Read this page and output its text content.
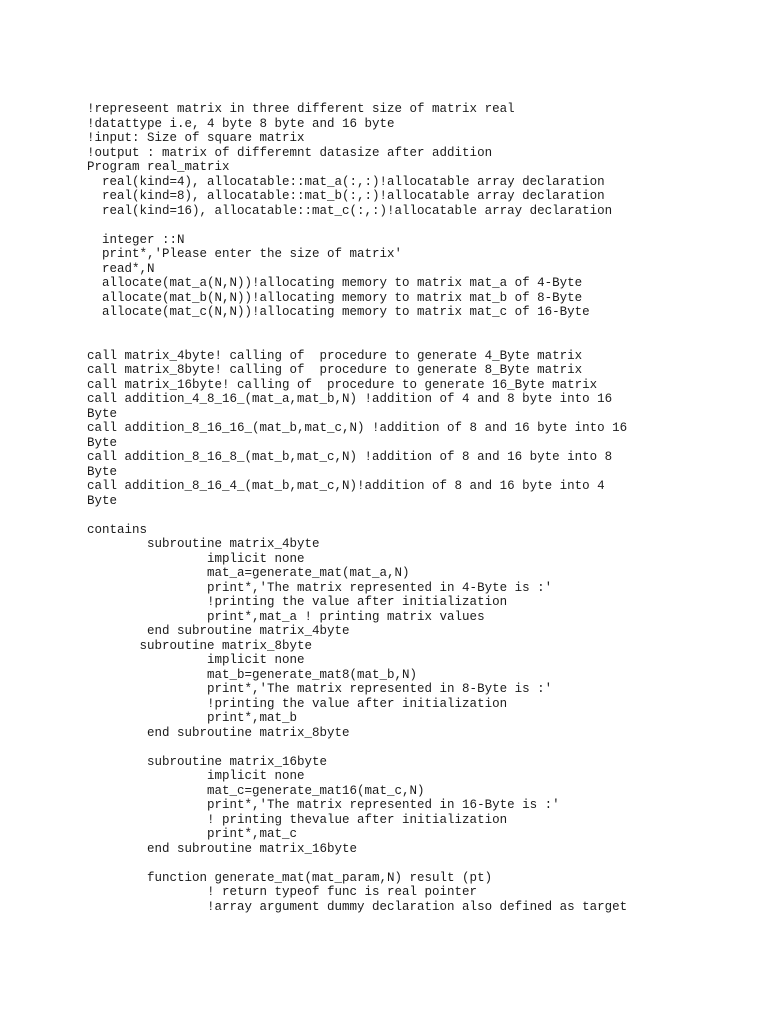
!represeent matrix in three different size of matrix real
!datattype i.e, 4 byte 8 byte and 16 byte
!input: Size of square matrix
!output : matrix of differemnt datasize after addition
Program real_matrix
real(kind=4), allocatable::mat_a(:,:)!allocatable array declaration
real(kind=8), allocatable::mat_b(:,:)!allocatable array declaration
real(kind=16), allocatable::mat_c(:,:)!allocatable array declaration
integer ::N
print*,'Please enter the size of matrix'
read*,N
allocate(mat_a(N,N))!allocating memory to matrix mat_a of 4-Byte
allocate(mat_b(N,N))!allocating memory to matrix mat_b of 8-Byte
allocate(mat_c(N,N))!allocating memory to matrix mat_c of 16-Byte
call matrix_4byte! calling of  procedure to generate 4_Byte matrix
call matrix_8byte! calling of  procedure to generate 8_Byte matrix
call matrix_16byte! calling of  procedure to generate 16_Byte matrix
call addition_4_8_16_(mat_a,mat_b,N) !addition of 4 and 8 byte into 16
Byte
call addition_8_16_16_(mat_b,mat_c,N) !addition of 8 and 16 byte into 16
Byte
call addition_8_16_8_(mat_b,mat_c,N) !addition of 8 and 16 byte into 8
Byte
call addition_8_16_4_(mat_b,mat_c,N)!addition of 8 and 16 byte into 4
Byte
contains
subroutine matrix_4byte
implicit none
mat_a=generate_mat(mat_a,N)
print*,'The matrix represented in 4-Byte is :'
!printing the value after initialization
print*,mat_a ! printing matrix values
end subroutine matrix_4byte
subroutine matrix_8byte
implicit none
mat_b=generate_mat8(mat_b,N)
print*,'The matrix represented in 8-Byte is :'
!printing the value after initialization
print*,mat_b
end subroutine matrix_8byte
subroutine matrix_16byte
implicit none
mat_c=generate_mat16(mat_c,N)
print*,'The matrix represented in 16-Byte is :'
! printing thevalue after initialization
print*,mat_c
end subroutine matrix_16byte
function generate_mat(mat_param,N) result (pt)
! return typeof func is real pointer
!array argument dummy declaration also defined as target
